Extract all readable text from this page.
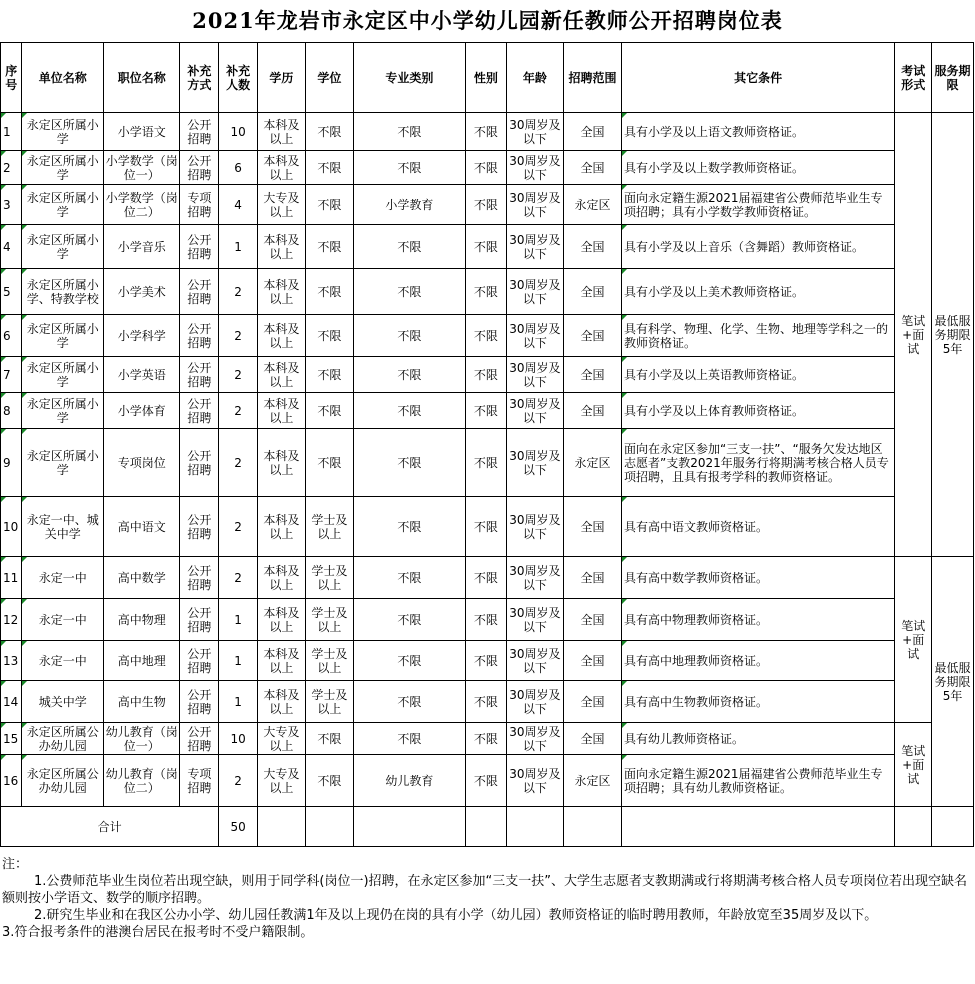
2021年龙岩市永定区中小学幼儿园新任教师公开招聘岗位表
序号	单位名称	职位名称	补充方式	补充人数	学历	学位	专业类别	性别	年龄	招聘范围	其它条件	考试形式	服务期限
1	永定区所属小学	小学语文	公开招聘	10	本科及以上	不限	不限	不限	30周岁及以下	全国	具有小学及以上语文教师资格证。	笔试+面试	最低服务期限5年
2	永定区所属小学	小学数学（岗位一）	公开招聘	6	本科及以上	不限	不限	不限	30周岁及以下	全国	具有小学及以上数学教师资格证。		
3	永定区所属小学	小学数学（岗位二）	专项招聘	4	大专及以上	不限	小学教育	不限	30周岁及以下	永定区	面向永定籍生源2021届福建省公费师范毕业生专项招聘；具有小学数学教师资格证。		
4	永定区所属小学	小学音乐	公开招聘	1	本科及以上	不限	不限	不限	30周岁及以下	全国	具有小学及以上音乐（含舞蹈）教师资格证。		
5	永定区所属小学、特教学校	小学美术	公开招聘	2	本科及以上	不限	不限	不限	30周岁及以下	全国	具有小学及以上美术教师资格证。		
6	永定区所属小学	小学科学	公开招聘	2	本科及以上	不限	不限	不限	30周岁及以下	全国	具有科学、物理、化学、生物、地理等学科之一的教师资格证。		
7	永定区所属小学	小学英语	公开招聘	2	本科及以上	不限	不限	不限	30周岁及以下	全国	具有小学及以上英语教师资格证。		
8	永定区所属小学	小学体育	公开招聘	2	本科及以上	不限	不限	不限	30周岁及以下	全国	具有小学及以上体育教师资格证。		
9	永定区所属小学	专项岗位	公开招聘	2	本科及以上	不限	不限	不限	30周岁及以下	永定区	面向在永定区参加“三支一扶”、“服务欠发达地区志愿者”支教2021年服务行将期满考核合格人员专项招聘，且具有报考学科的教师资格证。		
10	永定一中、城关中学	高中语文	公开招聘	2	本科及以上	学士及以上	不限	不限	30周岁及以下	全国	具有高中语文教师资格证。		
11	永定一中	高中数学	公开招聘	2	本科及以上	学士及以上	不限	不限	30周岁及以下	全国	具有高中数学教师资格证。	笔试+面试	最低服务期限5年
12	永定一中	高中物理	公开招聘	1	本科及以上	学士及以上	不限	不限	30周岁及以下	全国	具有高中物理教师资格证。		
13	永定一中	高中地理	公开招聘	1	本科及以上	学士及以上	不限	不限	30周岁及以下	全国	具有高中地理教师资格证。		
14	城关中学	高中生物	公开招聘	1	本科及以上	学士及以上	不限	不限	30周岁及以下	全国	具有高中生物教师资格证。		
15	永定区所属公办幼儿园	幼儿教育（岗位一）	公开招聘	10	大专及以上	不限	不限	不限	30周岁及以下	全国	具有幼儿教师资格证。	笔试+面试	
16	永定区所属公办幼儿园	幼儿教育（岗位二）	专项招聘	2	大专及以上	不限	幼儿教育	不限	30周岁及以下	永定区	面向永定籍生源2021届福建省公费师范毕业生专项招聘；具有幼儿教师资格证。		
合计				50									

注：

1.公费师范毕业生岗位若出现空缺，则用于同学科(岗位一)招聘，在永定区参加“三支一扶”、大学生志愿者支教期满或行将期满考核合格人员专项岗位若出现空缺名额则按小学语文、数学的顺序招聘。

2.研究生毕业和在我区公办小学、幼儿园任教满1年及以上现仍在岗的具有小学（幼儿园）教师资格证的临时聘用教师，年龄放宽至35周岁及以下。

3.符合报考条件的港澳台居民在报考时不受户籍限制。
